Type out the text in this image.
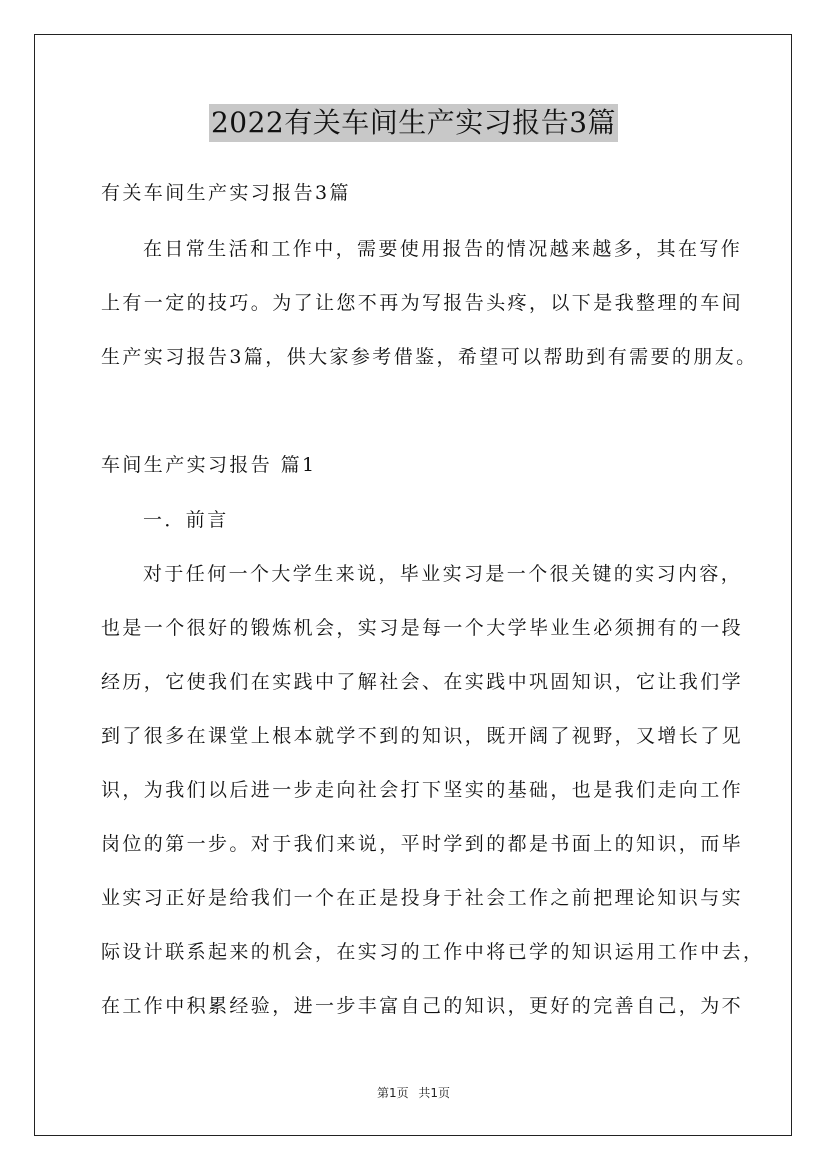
2022有关车间生产实习报告3篇
有关车间生产实习报告3篇
在日常生活和工作中，需要使用报告的情况越来越多，其在写作
上有一定的技巧。为了让您不再为写报告头疼，以下是我整理的车间
生产实习报告3篇，供大家参考借鉴，希望可以帮助到有需要的朋友。
车间生产实习报告 篇1
一．前言
对于任何一个大学生来说，毕业实习是一个很关键的实习内容，
也是一个很好的锻炼机会，实习是每一个大学毕业生必须拥有的一段
经历，它使我们在实践中了解社会、在实践中巩固知识，它让我们学
到了很多在课堂上根本就学不到的知识，既开阔了视野，又增长了见
识，为我们以后进一步走向社会打下坚实的基础，也是我们走向工作
岗位的第一步。对于我们来说，平时学到的都是书面上的知识，而毕
业实习正好是给我们一个在正是投身于社会工作之前把理论知识与实
际设计联系起来的机会，在实习的工作中将已学的知识运用工作中去，
在工作中积累经验，进一步丰富自己的知识，更好的完善自己，为不
第1页 共1页
